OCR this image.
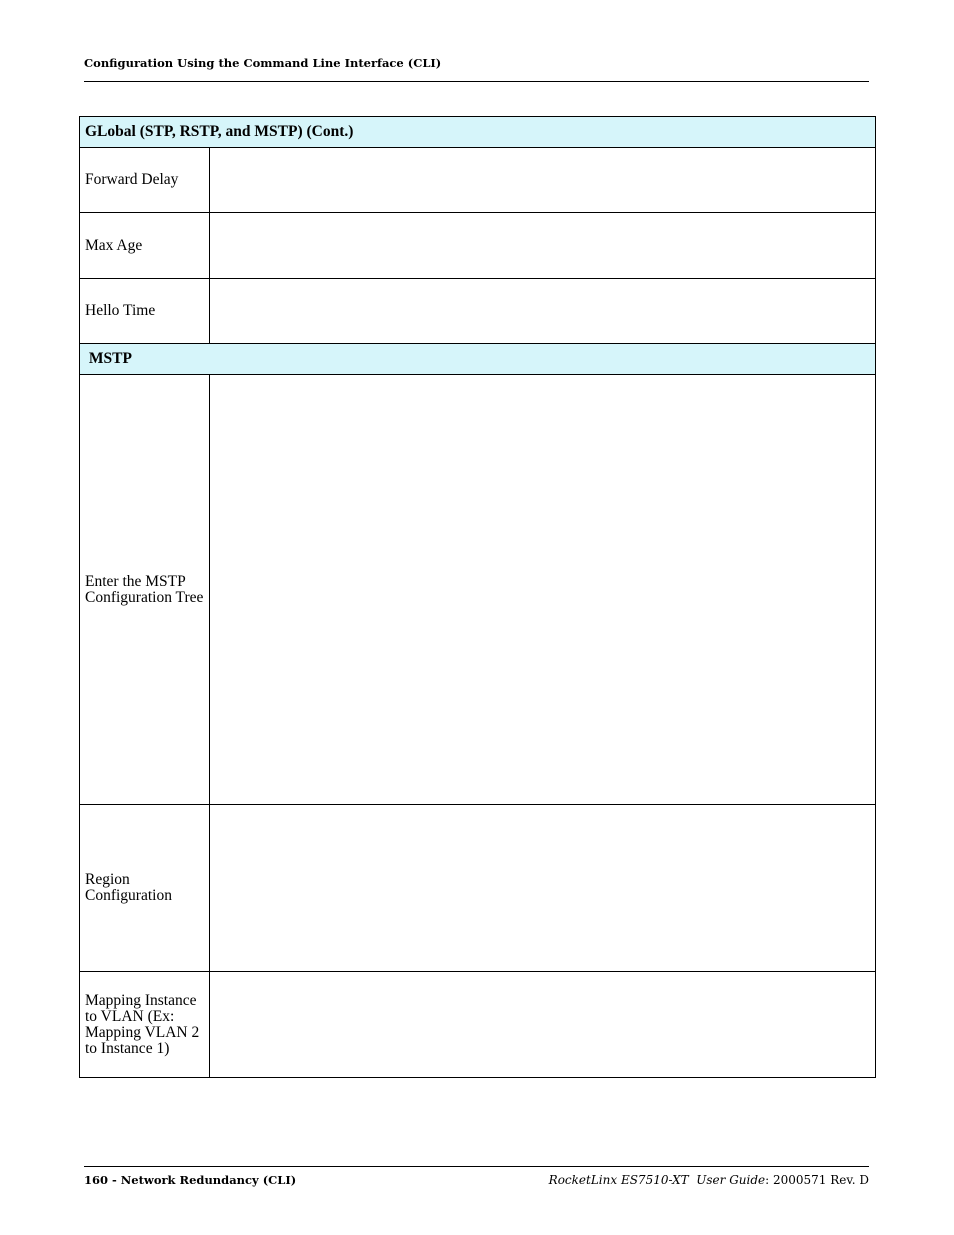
Configuration Using the Command Line Interface (CLI)
GLobal (STP, RSTP, and MSTP) (Cont.)	
Forward Delay	
Max Age	
Hello Time	
MSTP	
Enter the MSTP Configuration Tree	
Region Configuration	
Mapping Instance to VLAN (Ex: Mapping VLAN 2 to Instance 1)	
160 - Network Redundancy (CLI)	RocketLinx ES7510-XT  User Guide: 2000571 Rev. D
